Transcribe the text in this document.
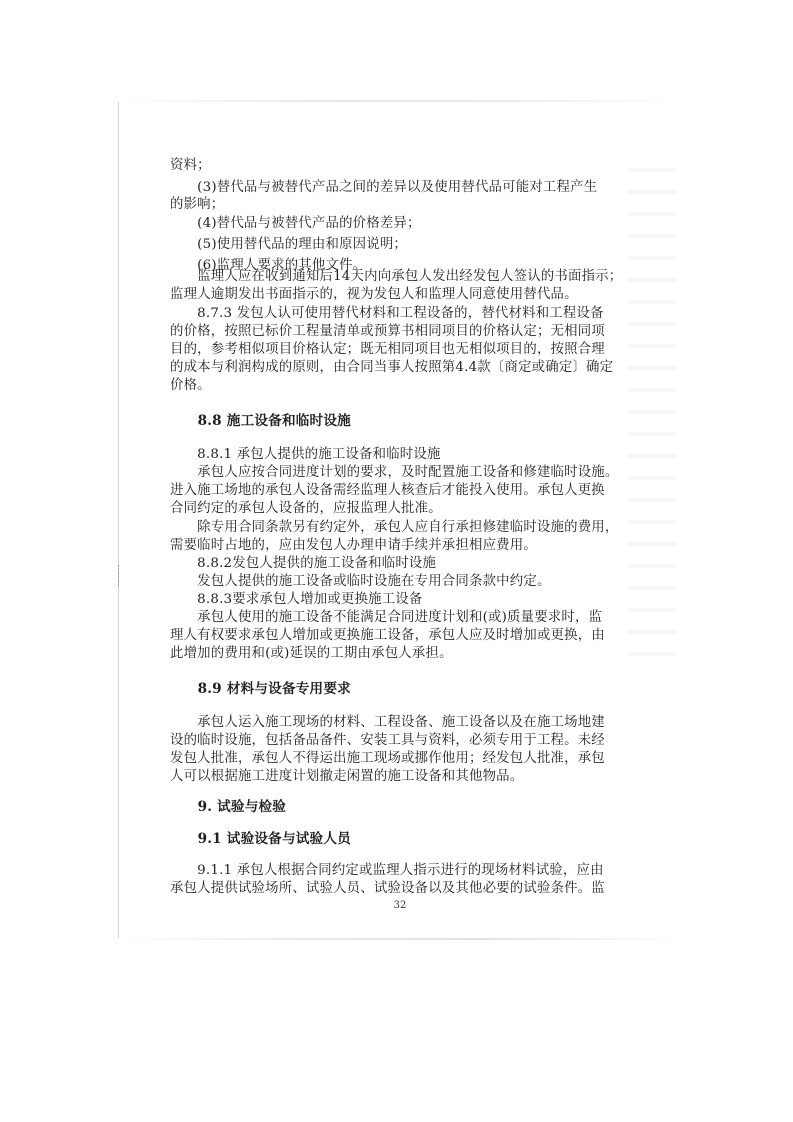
资料；
　　(3)替代品与被替代产品之间的差异以及使用替代品可能对工程产生
的影响；
　　(4)替代品与被替代产品的价格差异；
　　(5)使用替代品的理由和原因说明；
　　(6)监理人要求的其他文件。
　　监理人应在收到通知后14天内向承包人发出经发包人签认的书面指示；
监理人逾期发出书面指示的，视为发包人和监理人同意使用替代品。
　　8.7.3 发包人认可使用替代材料和工程设备的，替代材料和工程设备
的价格，按照已标价工程量清单或预算书相同项目的价格认定；无相同项
目的，参考相似项目价格认定；既无相同项目也无相似项目的，按照合理
的成本与利润构成的原则，由合同当事人按照第4.4款〔商定或确定〕确定
价格。
　　8.8 施工设备和临时设施
　　8.8.1 承包人提供的施工设备和临时设施
　　承包人应按合同进度计划的要求，及时配置施工设备和修建临时设施。
进入施工场地的承包人设备需经监理人核查后才能投入使用。承包人更换
合同约定的承包人设备的，应报监理人批准。
　　除专用合同条款另有约定外，承包人应自行承担修建临时设施的费用，
需要临时占地的，应由发包人办理申请手续并承担相应费用。
　　8.8.2发包人提供的施工设备和临时设施
　　发包人提供的施工设备或临时设施在专用合同条款中约定。
　　8.8.3要求承包人增加或更换施工设备
　　承包人使用的施工设备不能满足合同进度计划和(或)质量要求时，监
理人有权要求承包人增加或更换施工设备，承包人应及时增加或更换，由
此增加的费用和(或)延误的工期由承包人承担。
　　8.9 材料与设备专用要求
　　承包人运入施工现场的材料、工程设备、施工设备以及在施工场地建
设的临时设施，包括备品备件、安装工具与资料，必须专用于工程。未经
发包人批准，承包人不得运出施工现场或挪作他用；经发包人批准，承包
人可以根据施工进度计划撤走闲置的施工设备和其他物品。
　　9. 试验与检验
　　9.1 试验设备与试验人员
　　9.1.1 承包人根据合同约定或监理人指示进行的现场材料试验，应由
承包人提供试验场所、试验人员、试验设备以及其他必要的试验条件。监
32
